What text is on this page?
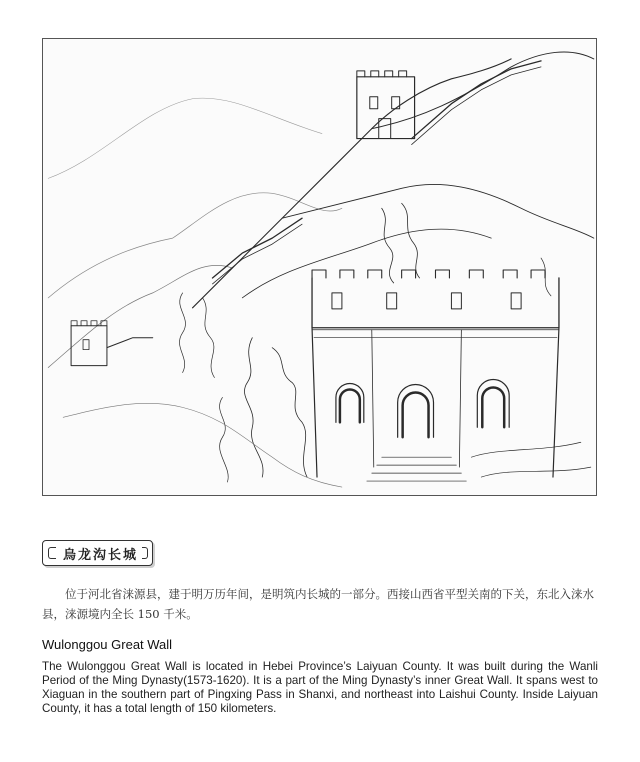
烏龙沟长城

位于河北省涞源县，建于明万历年间，是明筑内长城的一部分。西接山西省平型关南的下关，东北入涞水县，涞源境内全长 150 千米。

Wulonggou Great Wall

The Wulonggou Great Wall is located in Hebei Province’s Laiyuan County. It was built during the Wanli Period of the Ming Dynasty(1573-1620). It is a part of the Ming Dynasty’s inner Great Wall. It spans west to Xiaguan in the southern part of Pingxing Pass in Shanxi, and northeast into Laishui County. Inside Laiyuan County, it has a total length of 150 kilometers.
